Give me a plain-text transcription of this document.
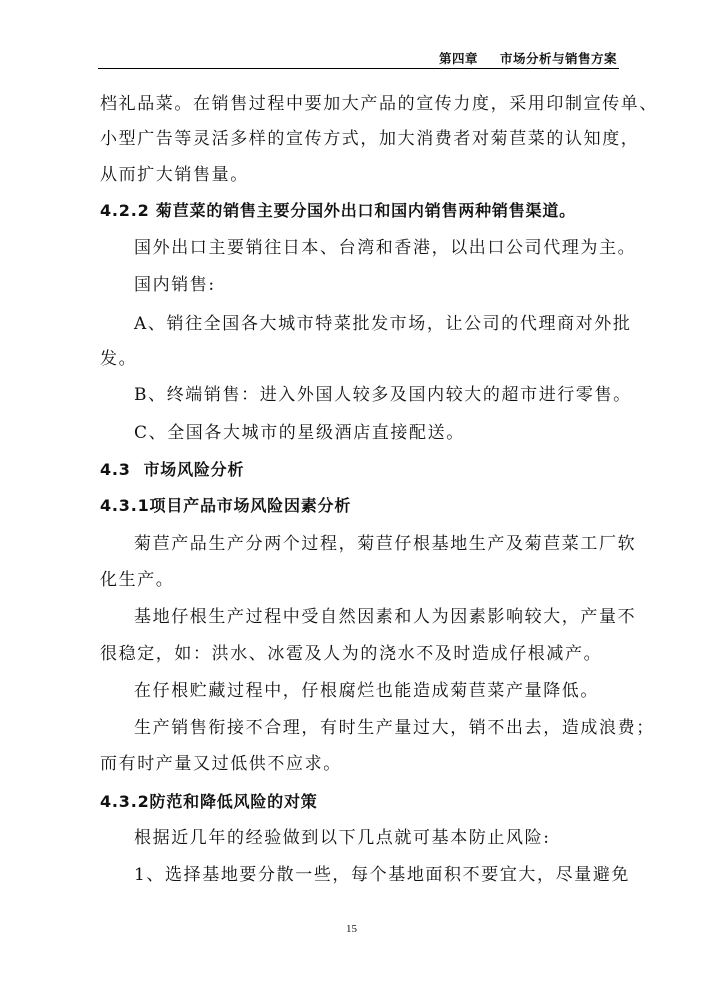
第四章 市场分析与销售方案
档礼品菜。在销售过程中要加大产品的宣传力度，采用印制宣传单、
小型广告等灵活多样的宣传方式，加大消费者对菊苣菜的认知度，
从而扩大销售量。
4.2.2 菊苣菜的销售主要分国外出口和国内销售两种销售渠道。
国外出口主要销往日本、台湾和香港，以出口公司代理为主。
国内销售:
A、销往全国各大城市特菜批发市场，让公司的代理商对外批
发。
B、终端销售：进入外国人较多及国内较大的超市进行零售。
C、全国各大城市的星级酒店直接配送。
4.3  市场风险分析
4.3.1项目产品市场风险因素分析
菊苣产品生产分两个过程，菊苣仔根基地生产及菊苣菜工厂软
化生产。
基地仔根生产过程中受自然因素和人为因素影响较大，产量不
很稳定，如：洪水、冰雹及人为的浇水不及时造成仔根减产。
在仔根贮藏过程中，仔根腐烂也能造成菊苣菜产量降低。
生产销售衔接不合理，有时生产量过大，销不出去，造成浪费；
而有时产量又过低供不应求。
4.3.2防范和降低风险的对策
根据近几年的经验做到以下几点就可基本防止风险:
1、选择基地要分散一些，每个基地面积不要宜大，尽量避免
15
